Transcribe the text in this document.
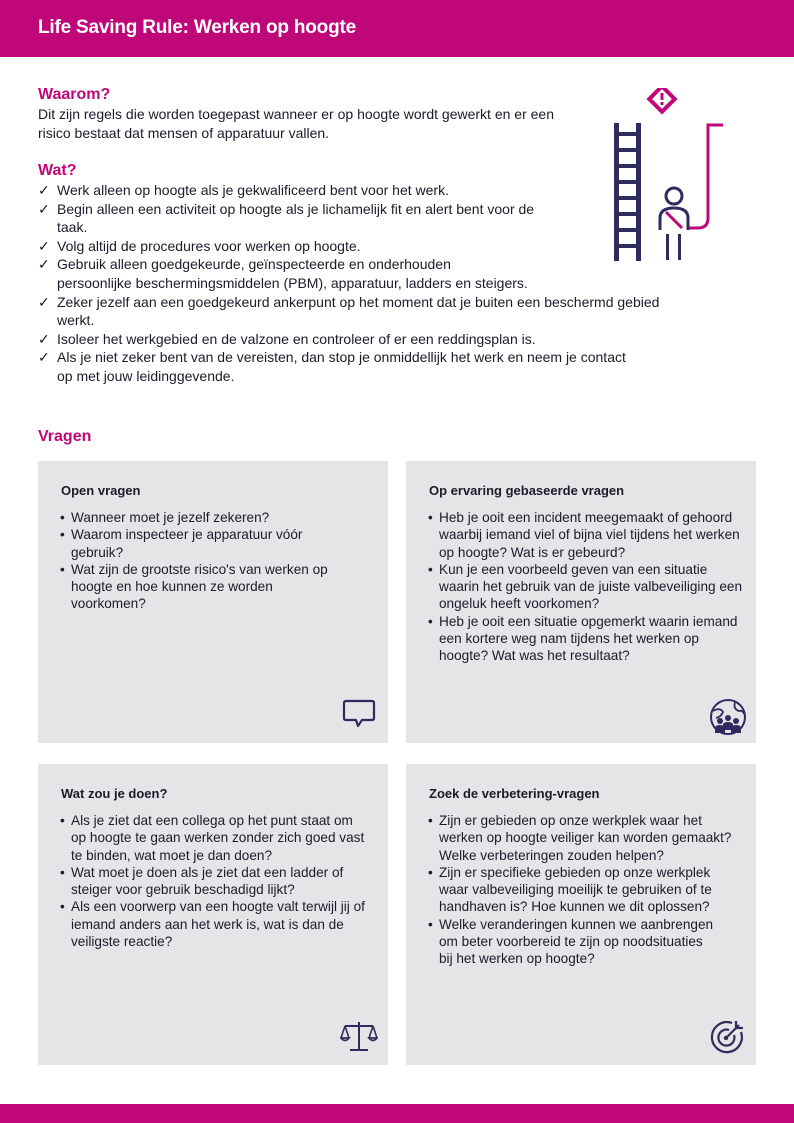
Life Saving Rule: Werken op hoogte
Waarom?

Dit zijn regels die worden toegepast wanneer er op hoogte wordt gewerkt en er een risico bestaat dat mensen of apparatuur vallen.

Wat?
✓ Werk alleen op hoogte als je gekwalificeerd bent voor het werk.
✓ Begin alleen een activiteit op hoogte als je lichamelijk fit en alert bent voor de taak.
✓ Volg altijd de procedures voor werken op hoogte.
✓ Gebruik alleen goedgekeurde, geïnspecteerde en onderhouden persoonlijke beschermingsmiddelen (PBM), apparatuur, ladders en steigers.
✓ Zeker jezelf aan een goedgekeurd ankerpunt op het moment dat je buiten een beschermd gebied werkt.
✓ Isoleer het werkgebied en de valzone en controleer of er een reddingsplan is.
✓ Als je niet zeker bent van de vereisten, dan stop je onmiddellijk het werk en neem je contact op met jouw leidinggevende.
Vragen
Open vragen
• Wanneer moet je jezelf zekeren?
• Waarom inspecteer je apparatuur vóór gebruik?
• Wat zijn de grootste risico's van werken op hoogte en hoe kunnen ze worden voorkomen?
Op ervaring gebaseerde vragen
• Heb je ooit een incident meegemaakt of gehoord waarbij iemand viel of bijna viel tijdens het werken op hoogte? Wat is er gebeurd?
• Kun je een voorbeeld geven van een situatie waarin het gebruik van de juiste valbeveiliging een ongeluk heeft voorkomen?
• Heb je ooit een situatie opgemerkt waarin iemand een kortere weg nam tijdens het werken op hoogte? Wat was het resultaat?
Wat zou je doen?
• Als je ziet dat een collega op het punt staat om op hoogte te gaan werken zonder zich goed vast te binden, wat moet je dan doen?
• Wat moet je doen als je ziet dat een ladder of steiger voor gebruik beschadigd lijkt?
• Als een voorwerp van een hoogte valt terwijl jij of iemand anders aan het werk is, wat is dan de veiligste reactie?
Zoek de verbetering-vragen
• Zijn er gebieden op onze werkplek waar het werken op hoogte veiliger kan worden gemaakt? Welke verbeteringen zouden helpen?
• Zijn er specifieke gebieden op onze werkplek waar valbeveiliging moeilijk te gebruiken of te handhaven is? Hoe kunnen we dit oplossen?
• Welke veranderingen kunnen we aanbrengen om beter voorbereid te zijn op noodsituaties bij het werken op hoogte?
